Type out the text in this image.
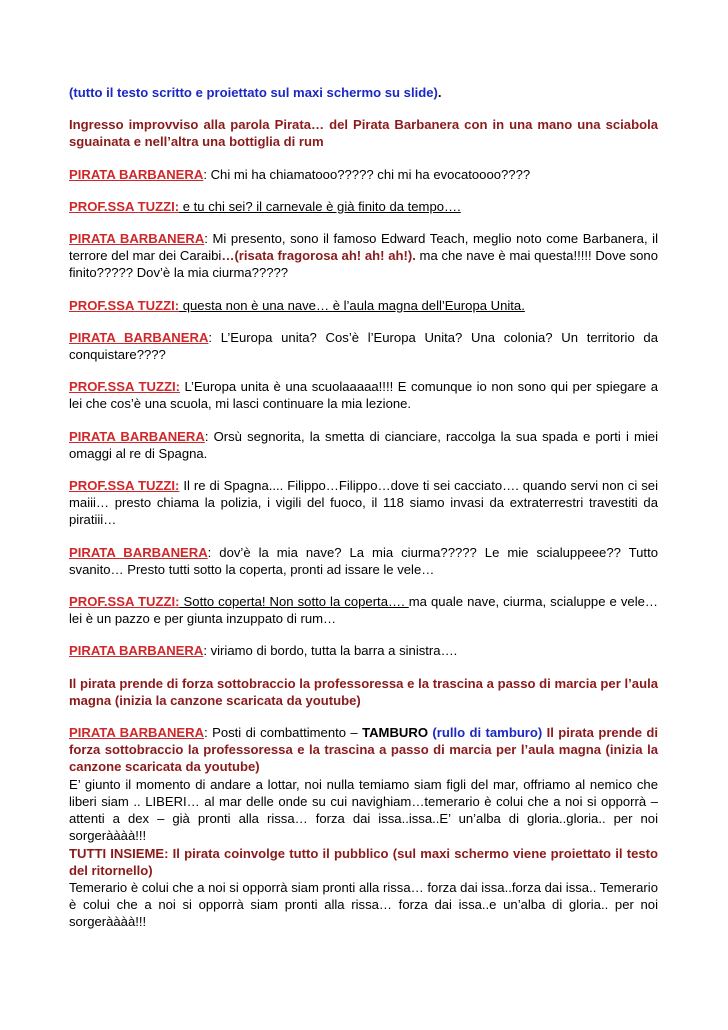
(tutto il testo scritto e proiettato sul maxi schermo su slide).

Ingresso improvviso alla parola Pirata… del Pirata Barbanera con in una mano una sciabola sguainata e nell’altra una bottiglia di rum

PIRATA BARBANERA: Chi mi ha chiamatooo????? chi mi ha evocatoooo????

PROF.SSA TUZZI: e tu chi sei? il carnevale è già finito da tempo….

PIRATA BARBANERA: Mi presento, sono il famoso Edward Teach, meglio noto come Barbanera, il terrore del mar dei Caraibi…(risata fragorosa ah! ah! ah!). ma che nave è mai questa!!!!! Dove sono finito????? Dov’è la mia ciurma?????

PROF.SSA TUZZI: questa non è una nave… è l’aula magna dell’Europa Unita.

PIRATA BARBANERA: L’Europa unita? Cos’è l’Europa Unita? Una colonia? Un territorio da conquistare????

PROF.SSA TUZZI: L’Europa unita è una scuolaaaaa!!!! E comunque io non sono qui per spiegare a lei che cos’è una scuola, mi lasci continuare la mia lezione.

PIRATA BARBANERA: Orsù segnorita, la smetta di cianciare, raccolga la sua spada e porti i miei omaggi al re di Spagna.

PROF.SSA TUZZI: Il re di Spagna.... Filippo…Filippo…dove ti sei cacciato…. quando servi non ci sei maiii… presto chiama la polizia, i vigili del fuoco, il 118 siamo invasi da extraterrestri travestiti da piratiii…

PIRATA BARBANERA: dov’è la mia nave? La mia ciurma????? Le mie scialuppeee?? Tutto svanito… Presto tutti sotto la coperta, pronti ad issare le vele…

PROF.SSA TUZZI: Sotto coperta! Non sotto la coperta…. ma quale nave, ciurma, scialuppe e vele… lei è un pazzo e per giunta inzuppato di rum…

PIRATA BARBANERA: viriamo di bordo, tutta la barra a sinistra….

Il pirata prende di forza sottobraccio la professoressa e la trascina a passo di marcia per l’aula magna (inizia la canzone scaricata da youtube)

PIRATA BARBANERA: Posti di combattimento – TAMBURO (rullo di tamburo) Il pirata prende di forza sottobraccio la professoressa e la trascina a passo di marcia per l’aula magna (inizia la canzone scaricata da youtube)

E’ giunto il momento di andare a lottar, noi nulla temiamo siam figli del mar, offriamo al nemico che liberi siam .. LIBERI… al mar delle onde su cui navighiam…temerario è colui che a noi si opporrà – attenti a dex – già pronti alla rissa… forza dai issa..issa..E’ un’alba di gloria..gloria.. per noi sorgeràààà!!!

TUTTI INSIEME: Il pirata coinvolge tutto il pubblico (sul maxi schermo viene proiettato il testo del ritornello)

Temerario è colui che a noi si opporrà siam pronti alla rissa… forza dai issa..forza dai issa.. Temerario è colui che a noi si opporrà siam pronti alla rissa… forza dai issa..e un’alba di gloria.. per noi sorgeràààà!!!
